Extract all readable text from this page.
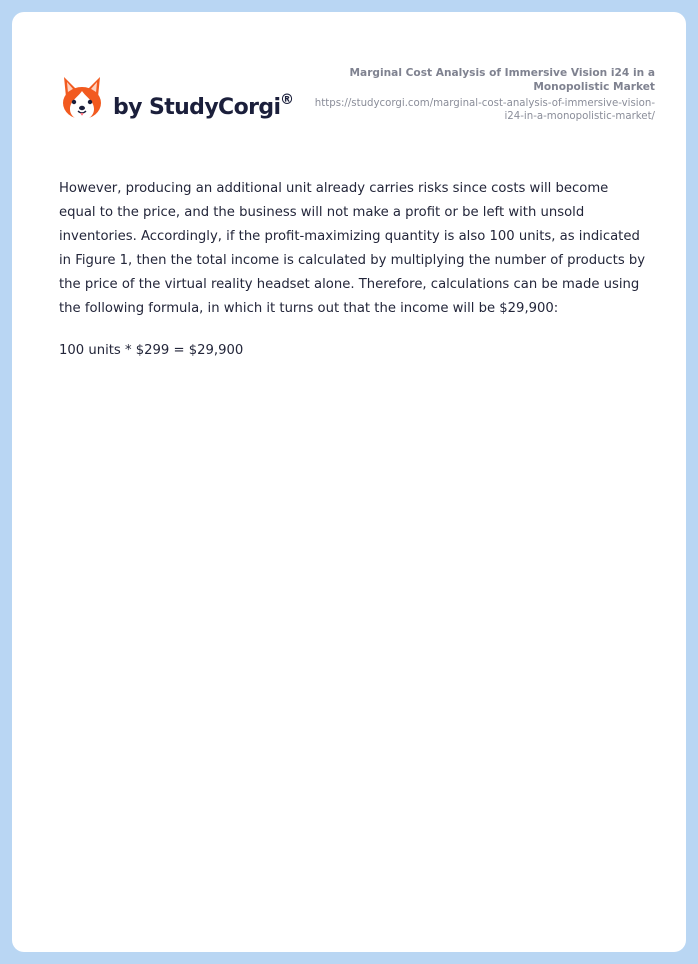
by StudyCorgi ®
Marginal Cost Analysis of Immersive Vision i24 in a Monopolistic Market
https://studycorgi.com/marginal-cost-analysis-of-immersive-vision-i24-in-a-monopolistic-market/

However, producing an additional unit already carries risks since costs will become equal to the price, and the business will not make a profit or be left with unsold inventories. Accordingly, if the profit-maximizing quantity is also 100 units, as indicated in Figure 1, then the total income is calculated by multiplying the number of products by the price of the virtual reality headset alone. Therefore, calculations can be made using the following formula, in which it turns out that the income will be $29,900:

100 units * $299 = $29,900
